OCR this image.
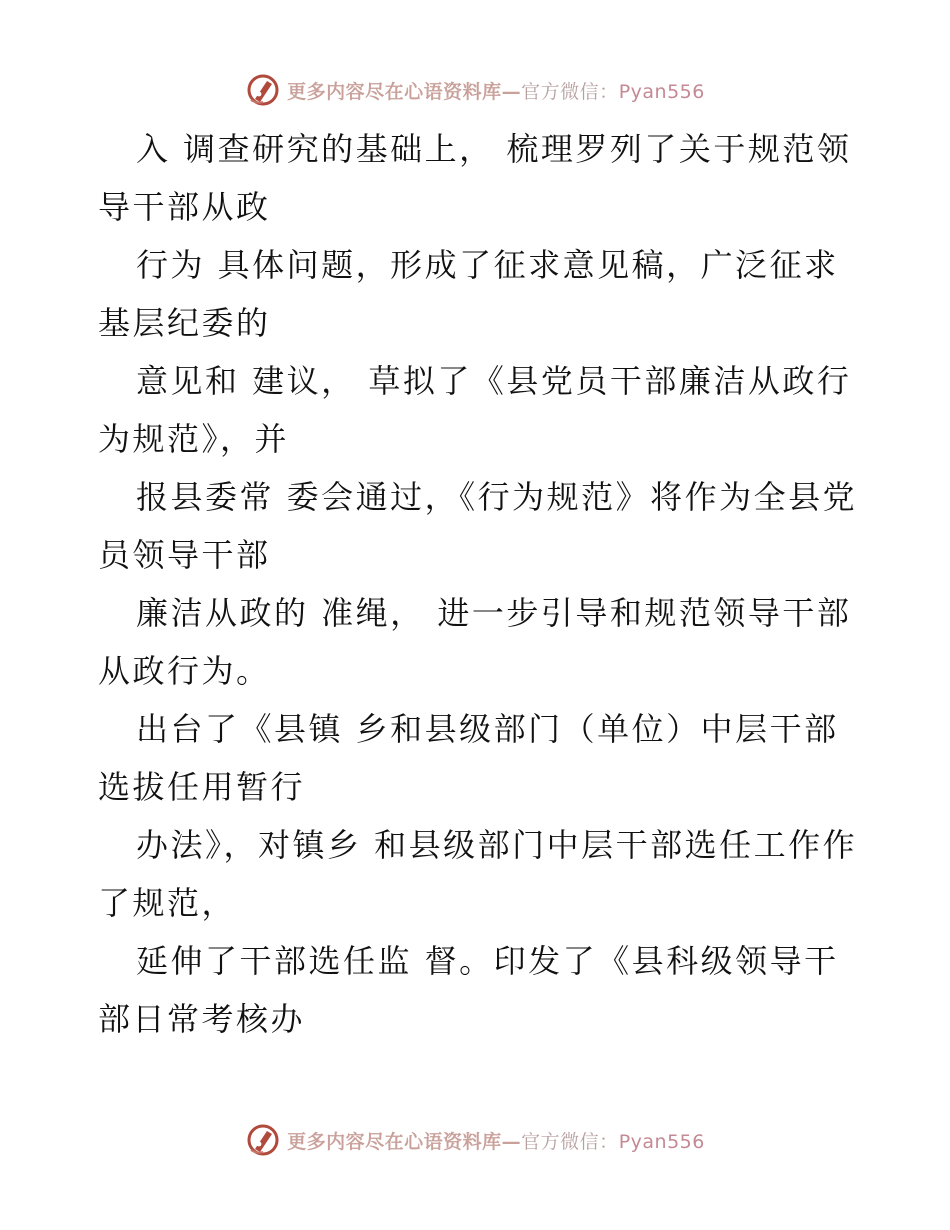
更多内容尽在心语资料库—官方微信：Pyan556

入 调查研究的基础上， 梳理罗列了关于规范领导干部从政

行为 具体问题，形成了征求意见稿，广泛征求基层纪委的

意见和 建议， 草拟了《县党员干部廉洁从政行为规范》，并

报县委常 委会通过，《行为规范》将作为全县党员领导干部

廉洁从政的 准绳， 进一步引导和规范领导干部从政行为。

出台了《县镇 乡和县级部门（单位）中层干部选拔任用暂行

办法》，对镇乡 和县级部门中层干部选任工作作了规范，

延伸了干部选任监 督。印发了《县科级领导干部日常考核办

更多内容尽在心语资料库—官方微信：Pyan556
